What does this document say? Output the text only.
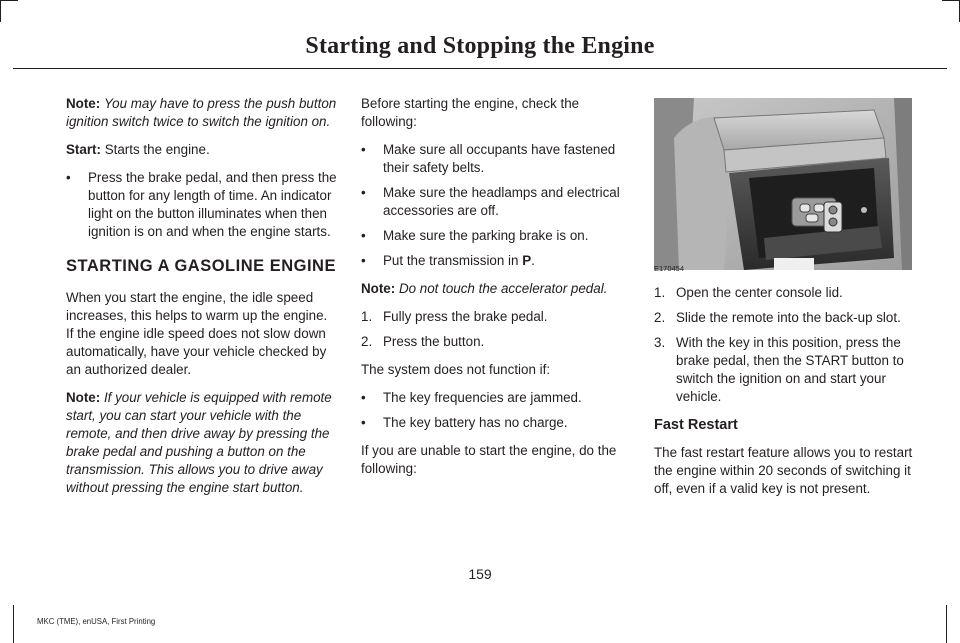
Starting and Stopping the Engine

Note: You may have to press the push button ignition switch twice to switch the ignition on.

Start: Starts the engine.

• Press the brake pedal, and then press the button for any length of time. An indicator light on the button illuminates when then ignition is on and when the engine starts.
STARTING A GASOLINE ENGINE

When you start the engine, the idle speed increases, this helps to warm up the engine. If the engine idle speed does not slow down automatically, have your vehicle checked by an authorized dealer.

Note: If your vehicle is equipped with remote start, you can start your vehicle with the remote, and then drive away by pressing the brake pedal and pushing a button on the transmission. This allows you to drive away without pressing the engine start button.

Before starting the engine, check the following:

• Make sure all occupants have fastened their safety belts.
• Make sure the headlamps and electrical accessories are off.
• Make sure the parking brake is on.
• Put the transmission in P.

Note: Do not touch the accelerator pedal.

1. Fully press the brake pedal.
2. Press the button.

The system does not function if:

• The key frequencies are jammed.
• The key battery has no charge.

If you are unable to start the engine, do the following:

E170454
1. Open the center console lid.
2. Slide the remote into the back-up slot.
3. With the key in this position, press the brake pedal, then the START button to switch the ignition on and start your vehicle.
Fast Restart

The fast restart feature allows you to restart the engine within 20 seconds of switching it off, even if a valid key is not present.

159
MKC (TME), enUSA, First Printing
